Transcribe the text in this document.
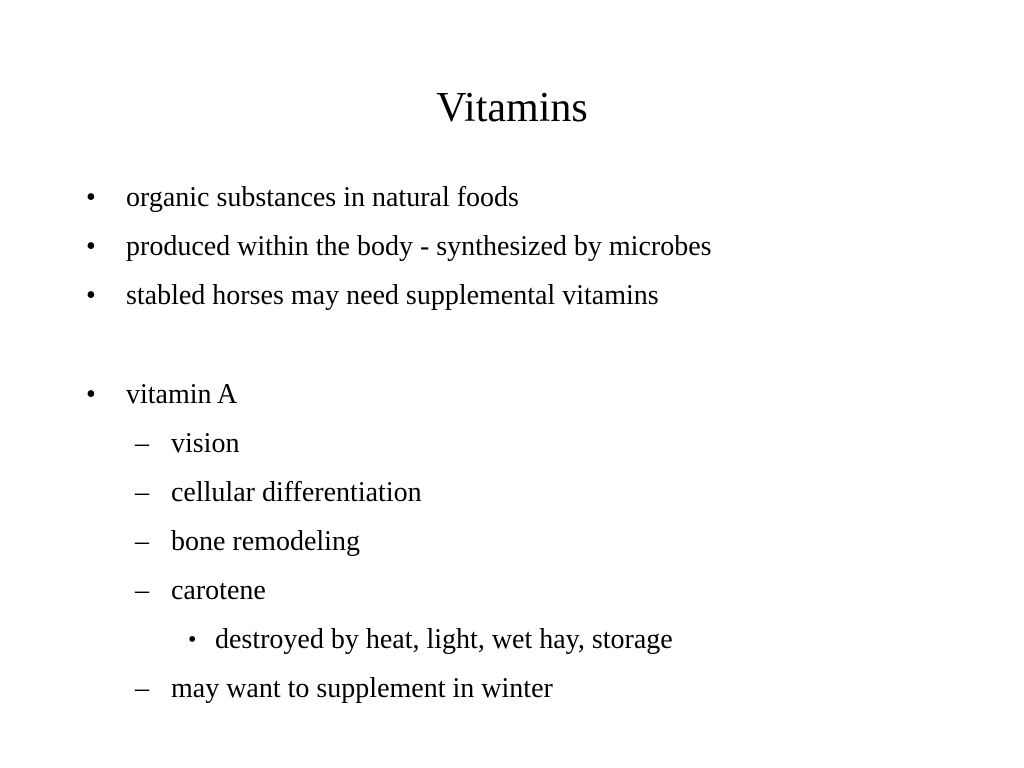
Vitamins
• organic substances in natural foods
• produced within the body - synthesized by microbes
• stabled horses may need supplemental vitamins
• vitamin A
– vision
– cellular differentiation
– bone remodeling
– carotene
• destroyed by heat, light, wet hay, storage
– may want to supplement in winter
